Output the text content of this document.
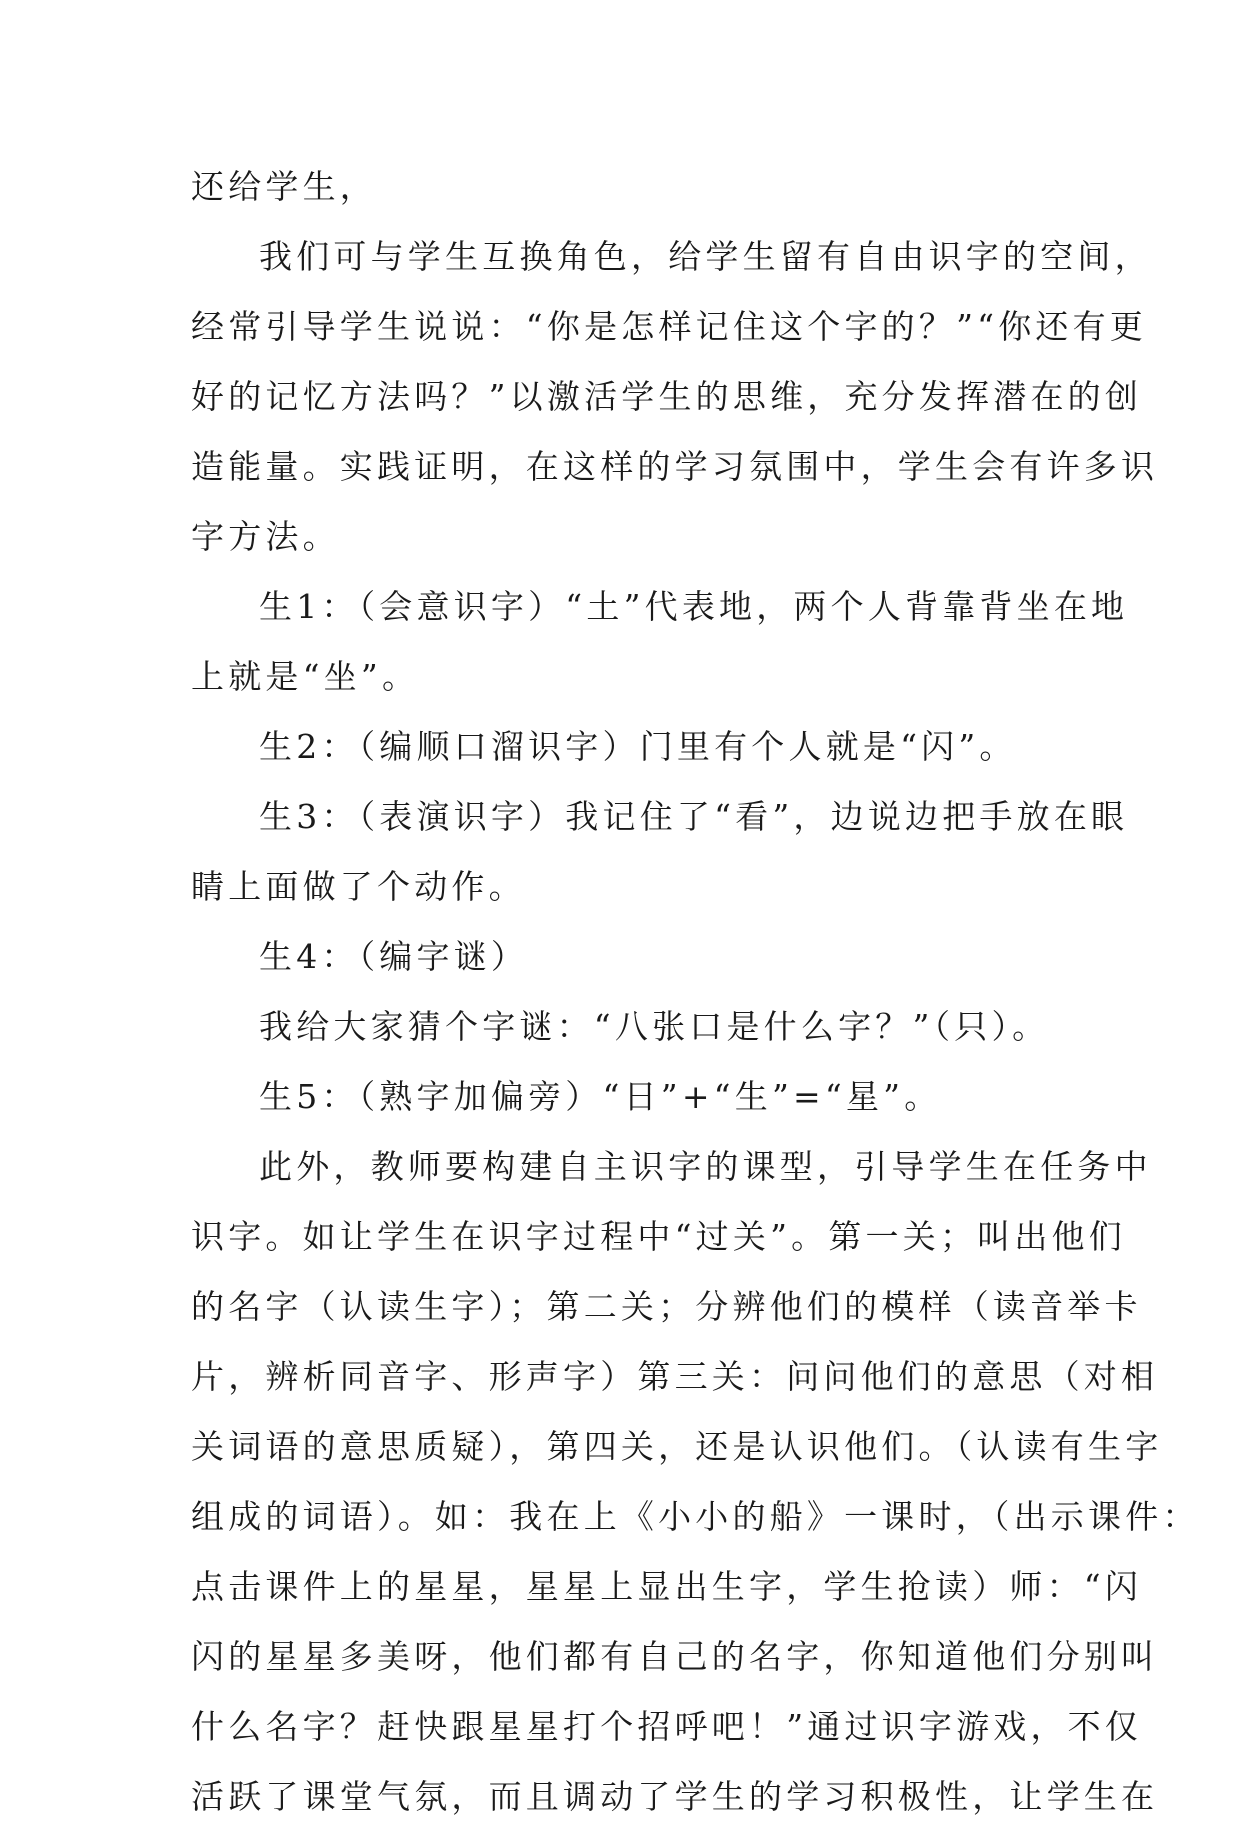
还给学生，
我们可与学生互换角色，给学生留有自由识字的空间，
经常引导学生说说：“你是怎样记住这个字的？”“你还有更
好的记忆方法吗？”以激活学生的思维，充分发挥潜在的创
造能量。实践证明，在这样的学习氛围中，学生会有许多识
字方法。
生1：（会意识字）“土”代表地，两个人背靠背坐在地
上就是“坐”。
生2：（编顺口溜识字）门里有个人就是“闪”。
生3：（表演识字）我记住了“看”，边说边把手放在眼
睛上面做了个动作。
生4：（编字谜）
我给大家猜个字谜：“八张口是什么字？”（只）。
生5：（熟字加偏旁）“日”+“生”=“星”。
此外，教师要构建自主识字的课型，引导学生在任务中
识字。如让学生在识字过程中“过关”。第一关；叫出他们
的名字（认读生字）；第二关；分辨他们的模样（读音举卡
片，辨析同音字、形声字）第三关：问问他们的意思（对相
关词语的意思质疑），第四关，还是认识他们。（认读有生字
组成的词语）。如：我在上《小小的船》一课时，（出示课件：
点击课件上的星星，星星上显出生字，学生抢读）师：“闪
闪的星星多美呀，他们都有自己的名字，你知道他们分别叫
什么名字？赶快跟星星打个招呼吧！”通过识字游戏，不仅
活跃了课堂气氛，而且调动了学生的学习积极性，让学生在
